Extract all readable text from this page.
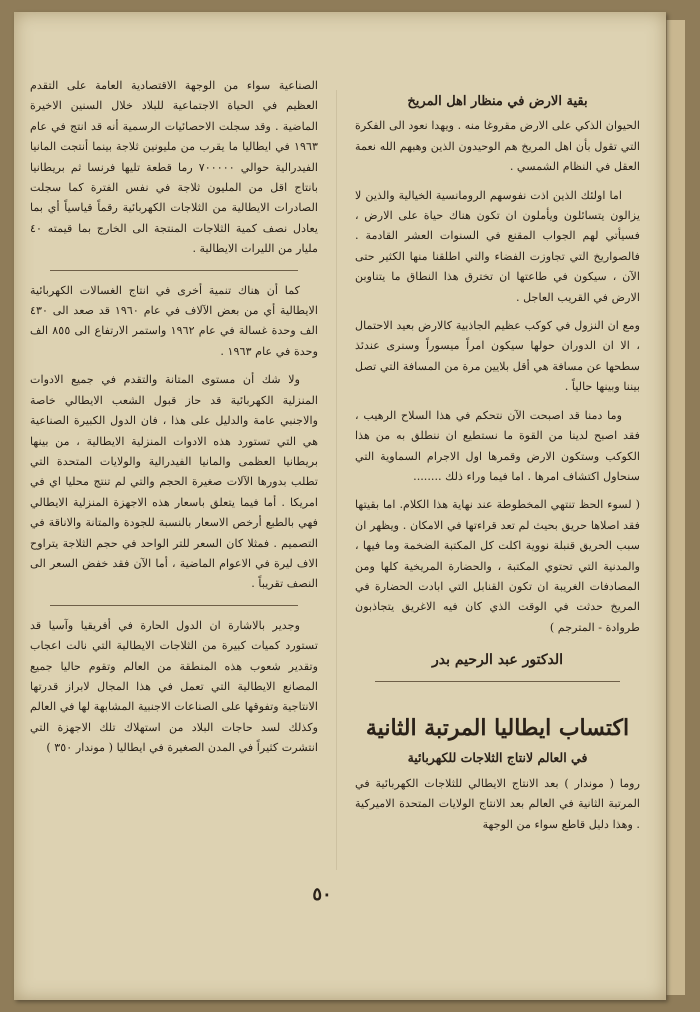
بقية الارض في منظار اهل المريخ

الحيوان الذكي على الارض مقروغا منه . ويهدا نعود الى الفكرة التي تقول بأن اهل المريخ هم الوحيدون الذين وهبهم الله نعمة العقل في النظام الشمسي .

اما اولئك الذين اذت نفوسهم الرومانسية الخيالية والذين لا يزالون يتسائلون ويأملون ان تكون هناك حياة على الارض ، فسيأتي لهم الجواب المقنع في السنوات العشر القادمة . فالصواريخ التي تجاوزت الفضاء والتي اطلقنا منها الكثير حتى الآن ، سيكون في طاعتها ان تخترق هذا النطاق ما يتناوبن الارض في القريب العاجل .

ومع ان النزول في كوكب عظيم الجاذبية كالارض بعيد الاحتمال ، الا ان الدوران حولها سيكون امراً ميسوراً وسنرى عندئذ سطحها عن مسافة هي أقل بلايين مرة من المسافة التي تصل بيننا وبينها حالياً .

وما دمنا قد اصبحت الآن نتحكم في هذا السلاح الرهيب ، فقد اصبح لدينا من القوة ما نستطيع ان ننطلق به من هذا الكوكب وستكون الارض وقمرها اول الاجرام السماوية التي سنحاول اكتشاف امرها . اما فيما وراء ذلك ........

( لسوء الحظ تنتهي المخطوطة عند نهاية هذا الكلام. اما بقيتها فقد اصلاها حريق بحيث لم تعد قراءتها في الامكان . ويظهر ان سبب الحريق قنبلة نووية اكلت كل المكتبة الضخمة وما فيها ، والمدنية التي تحتوي المكتبة ، والحضارة المريخية كلها ومن المصادفات الغريبة ان تكون القنابل التي ابادت الحضارة في المريخ حدثت في الوقت الذي كان فيه الاغريق يتجاذبون طروادة - المترجم )

الدكتور عبد الرحيم بدر
اكتساب ايطاليا المرتبة الثانية
في العالم لانتاج الثلاجات للكهربائية

روما ( موندار ) بعد الانتاج الايطالي للثلاجات الكهربائية في المرتبة الثانية في العالم بعد الانتاج الولايات المتحدة الاميركية . وهذا دليل قاطع سواء من الوجهة

الصناعية سواء من الوجهة الاقتصادية العامة على التقدم العظيم في الحياة الاجتماعية للبلاد خلال السنين الاخيرة الماضية . وقد سجلت الاحصائيات الرسمية أنه قد انتج في عام ١٩٦٣ في ايطاليا ما يقرب من مليونين ثلاجة بينما أنتجت المانيا الفيدرالية حوالي ٧٠٠٠٠٠ رما قطعة تليها فرنسا ثم بريطانيا بانتاج اقل من المليون ثلاجة في نفس الفترة كما سجلت الصادرات الايطالية من الثلاجات الكهربائية رقماً قياسياً أي بما يعادل نصف كمية الثلاجات المنتجة الى الخارج بما قيمته ٤٠ مليار من الليرات الايطالية .

كما أن هناك تنمية أخرى في انتاج الغسالات الكهربائية الايطالية أي من بعض الآلاف في عام ١٩٦٠ قد صعد الى ٤٣٠ الف وحدة غسالة في عام ١٩٦٢ واستمر الارتفاع الى ٨٥٥ الف وحدة في عام ١٩٦٣ .

ولا شك أن مستوى المتانة والتقدم في جميع الادوات المنزلية الكهربائية قد حاز قبول الشعب الايطالي خاصة والاجنبي عامة والدليل على هذا ، فان الدول الكبيرة الصناعية هي التي تستورد هذه الادوات المنزلية الايطالية ، من بينها بريطانيا العظمى والمانيا الفيدرالية والولايات المتحدة التي تطلب بدورها الآلات صغيرة الحجم والتي لم تنتج محليا اي في امريكا . أما فيما يتعلق باسعار هذه الاجهزة المنزلية الايطالي فهي بالطبع أرخص الاسعار بالنسبة للجودة والمتانة والاناقة في التصميم . فمثلا كان السعر للتر الواحد في حجم الثلاجة يتراوح الاف ليرة في الاعوام الماضية ، أما الآن فقد خفض السعر الى النصف تقريباً .

وجدير بالاشارة ان الدول الحارة في أفريقيا وآسيا قد تستورد كميات كبيرة من الثلاجات الايطالية التي نالت اعجاب وتقدير شعوب هذه المنطقة من العالم وتقوم حاليا جميع المصانع الايطالية التي تعمل في هذا المجال لابراز قدرتها الانتاجية وتفوقها على الصناعات الاجنبية المشابهة لها في العالم وكذلك لسد حاجات البلاد من استهلاك تلك الاجهزة التي انتشرت كثيراً في المدن الصغيرة في ايطاليا ( موندار ٣٥٠ )

٥٠
